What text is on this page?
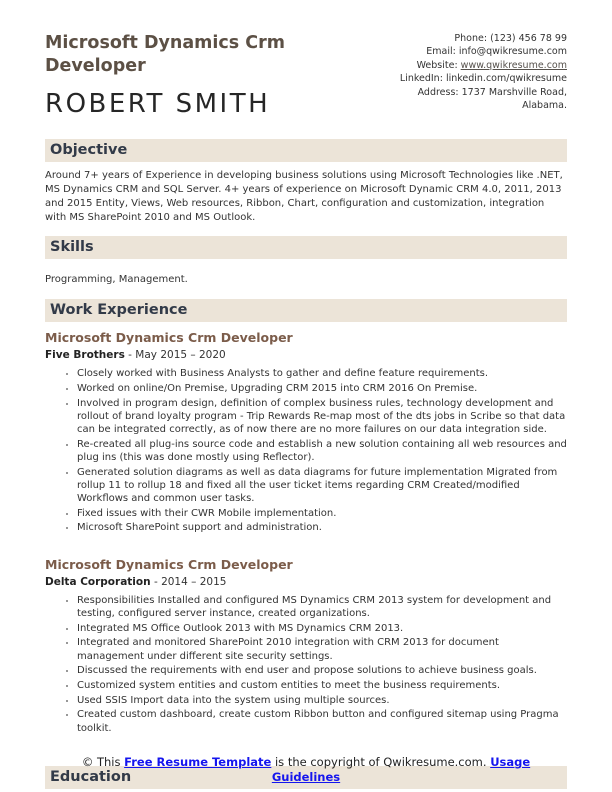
Microsoft Dynamics Crm Developer
ROBERT SMITH
Phone: (123) 456 78 99
Email: info@qwikresume.com
Website: www.qwikresume.com
LinkedIn: linkedin.com/qwikresume
Address: 1737 Marshville Road, Alabama.
Objective

Around 7+ years of Experience in developing business solutions using Microsoft Technologies like .NET, MS Dynamics CRM and SQL Server. 4+ years of experience on Microsoft Dynamic CRM 4.0, 2011, 2013 and 2015 Entity, Views, Web resources, Ribbon, Chart, configuration and customization, integration with MS SharePoint 2010 and MS Outlook.

Skills

Programming, Management.

Work Experience
Microsoft Dynamics Crm Developer
Five Brothers - May 2015 – 2020
• Closely worked with Business Analysts to gather and define feature requirements.
• Worked on online/On Premise, Upgrading CRM 2015 into CRM 2016 On Premise.
• Involved in program design, definition of complex business rules, technology development and rollout of brand loyalty program - Trip Rewards Re-map most of the dts jobs in Scribe so that data can be integrated correctly, as of now there are no more failures on our data integration side.
• Re-created all plug-ins source code and establish a new solution containing all web resources and plug ins (this was done mostly using Reflector).
• Generated solution diagrams as well as data diagrams for future implementation Migrated from rollup 11 to rollup 18 and fixed all the user ticket items regarding CRM Created/modified Workflows and common user tasks.
• Fixed issues with their CWR Mobile implementation.
• Microsoft SharePoint support and administration.
Microsoft Dynamics Crm Developer
Delta Corporation - 2014 – 2015
• Responsibilities Installed and configured MS Dynamics CRM 2013 system for development and testing, configured server instance, created organizations.
• Integrated MS Office Outlook 2013 with MS Dynamics CRM 2013.
• Integrated and monitored SharePoint 2010 integration with CRM 2013 for document management under different site security settings.
• Discussed the requirements with end user and propose solutions to achieve business goals.
• Customized system entities and custom entities to meet the business requirements.
• Used SSIS Import data into the system using multiple sources.
• Created custom dashboard, create custom Ribbon button and configured sitemap using Pragma toolkit.
Education
© This Free Resume Template is the copyright of Qwikresume.com. Usage Guidelines
